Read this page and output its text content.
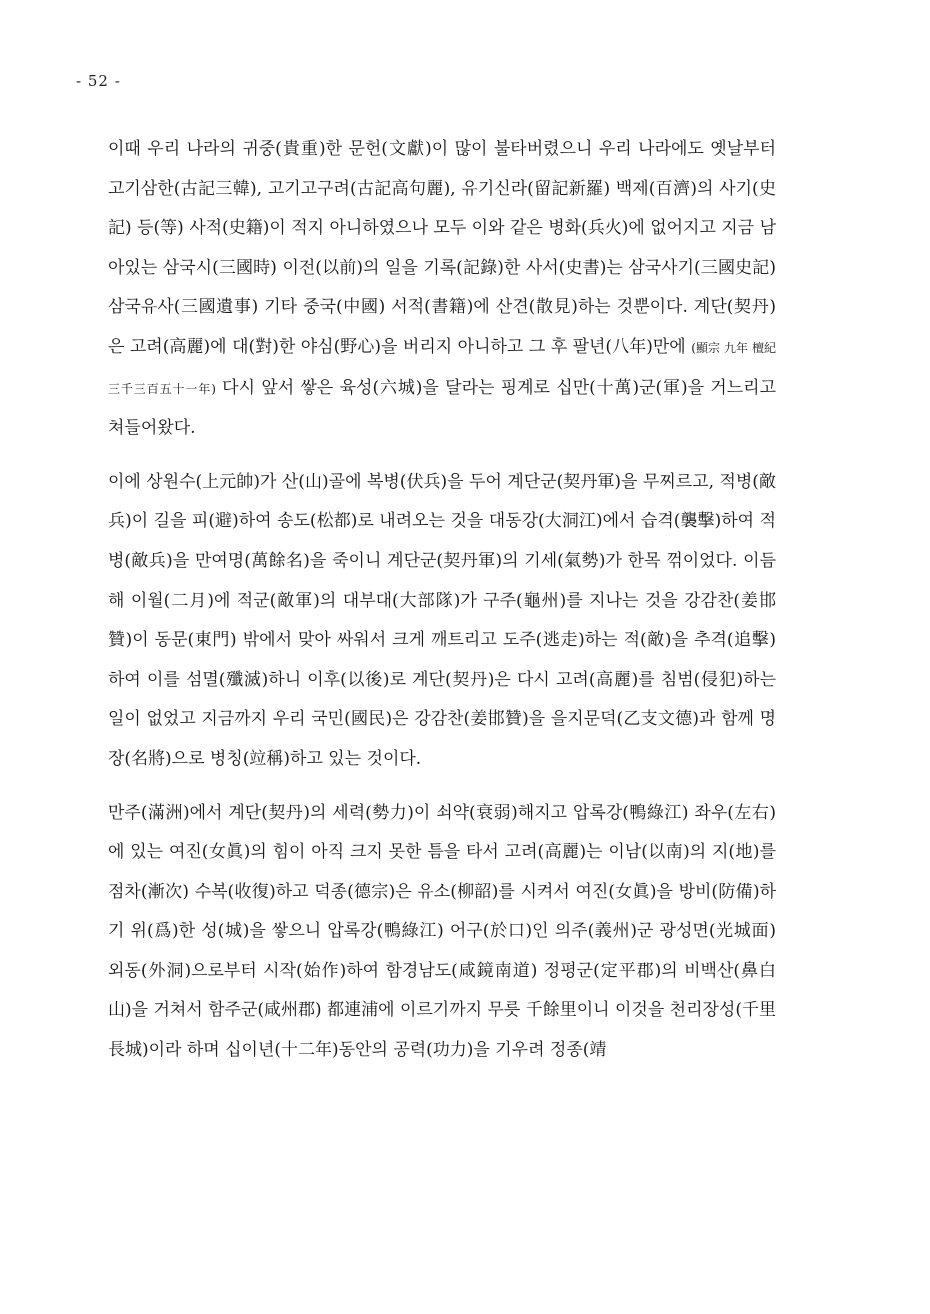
- 52 -

이때 우리 나라의 귀중(貴重)한 문헌(文獻)이 많이 불타버렸으니 우리 나라에도 옛날부터 고기삼한(古記三韓), 고기고구려(古記高句麗), 유기신라(留記新羅) 백제(百濟)의 사기(史記) 등(等) 사적(史籍)이 적지 아니하였으나 모두 이와 같은 병화(兵火)에 없어지고 지금 남아있는 삼국시(三國時) 이전(以前)의 일을 기록(記錄)한 사서(史書)는 삼국사기(三國史記) 삼국유사(三國遺事) 기타 중국(中國) 서적(書籍)에 산견(散見)하는 것뿐이다. 계단(契丹)은 고려(高麗)에 대(對)한 야심(野心)을 버리지 아니하고 그 후 팔년(八年)만에 (顯宗 九年 檀紀 三千三百五十一年) 다시 앞서 쌓은 육성(六城)을 달라는 핑계로 십만(十萬)군(軍)을 거느리고 쳐들어왔다.

이에 상원수(上元帥)가 산(山)골에 복병(伏兵)을 두어 계단군(契丹軍)을 무찌르고, 적병(敵兵)이 길을 피(避)하여 송도(松都)로 내려오는 것을 대동강(大洞江)에서 습격(襲擊)하여 적병(敵兵)을 만여명(萬餘名)을 죽이니 계단군(契丹軍)의 기세(氣勢)가 한목 꺾이었다. 이듬해 이월(二月)에 적군(敵軍)의 대부대(大部隊)가 구주(龜州)를 지나는 것을 강감찬(姜邯贊)이 동문(東門) 밖에서 맞아 싸워서 크게 깨트리고 도주(逃走)하는 적(敵)을 추격(追擊)하여 이를 섬멸(殲滅)하니 이후(以後)로 계단(契丹)은 다시 고려(高麗)를 침범(侵犯)하는 일이 없었고 지금까지 우리 국민(國民)은 강감찬(姜邯贊)을 을지문덕(乙支文德)과 함께 명장(名將)으로 병칭(竝稱)하고 있는 것이다.

만주(滿洲)에서 계단(契丹)의 세력(勢力)이 쇠약(衰弱)해지고 압록강(鴨綠江) 좌우(左右)에 있는 여진(女眞)의 힘이 아직 크지 못한 틈을 타서 고려(高麗)는 이남(以南)의 지(地)를 점차(漸次) 수복(收復)하고 덕종(德宗)은 유소(柳韶)를 시켜서 여진(女眞)을 방비(防備)하기 위(爲)한 성(城)을 쌓으니 압록강(鴨綠江) 어구(於口)인 의주(義州)군 광성면(光城面) 외동(外洞)으로부터 시작(始作)하여 함경남도(咸鏡南道) 정평군(定平郡)의 비백산(鼻白山)을 거쳐서 함주군(咸州郡) 都連浦에 이르기까지 무릇 千餘里이니 이것을 천리장성(千里長城)이라 하며 십이년(十二年)동안의 공력(功力)을 기우려 정종(靖
